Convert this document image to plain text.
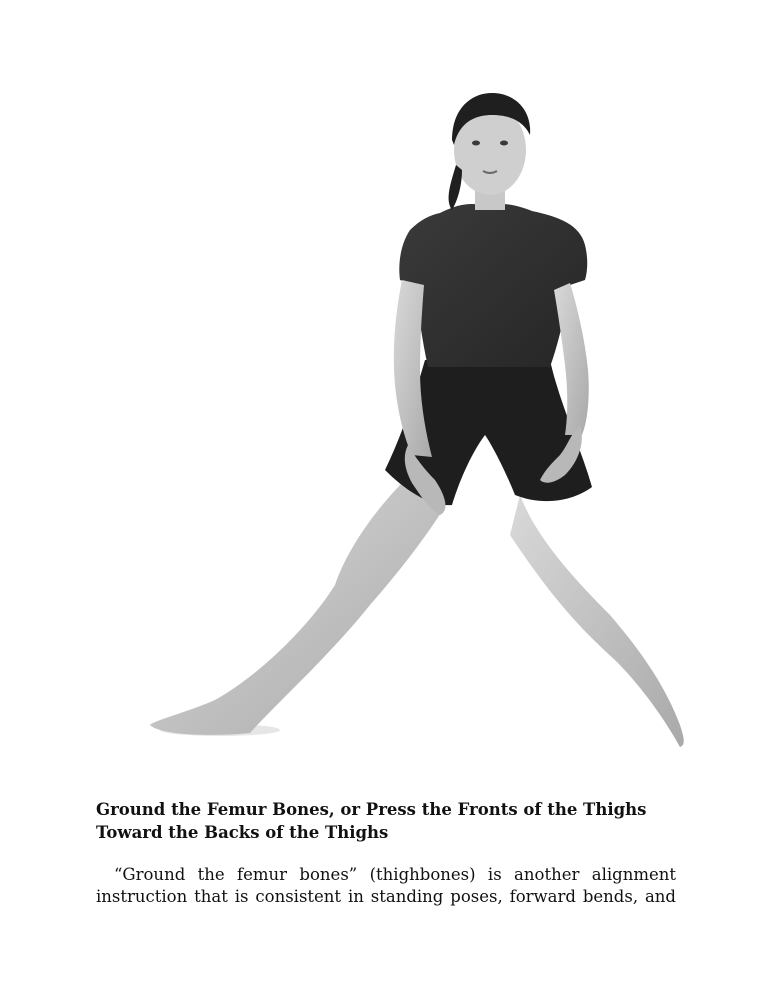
Ground the Femur Bones, or Press the Fronts of the Thighs Toward the Backs of the Thighs

“Ground the femur bones” (thighbones) is another alignment instruction that is consistent in standing poses, forward bends, and
